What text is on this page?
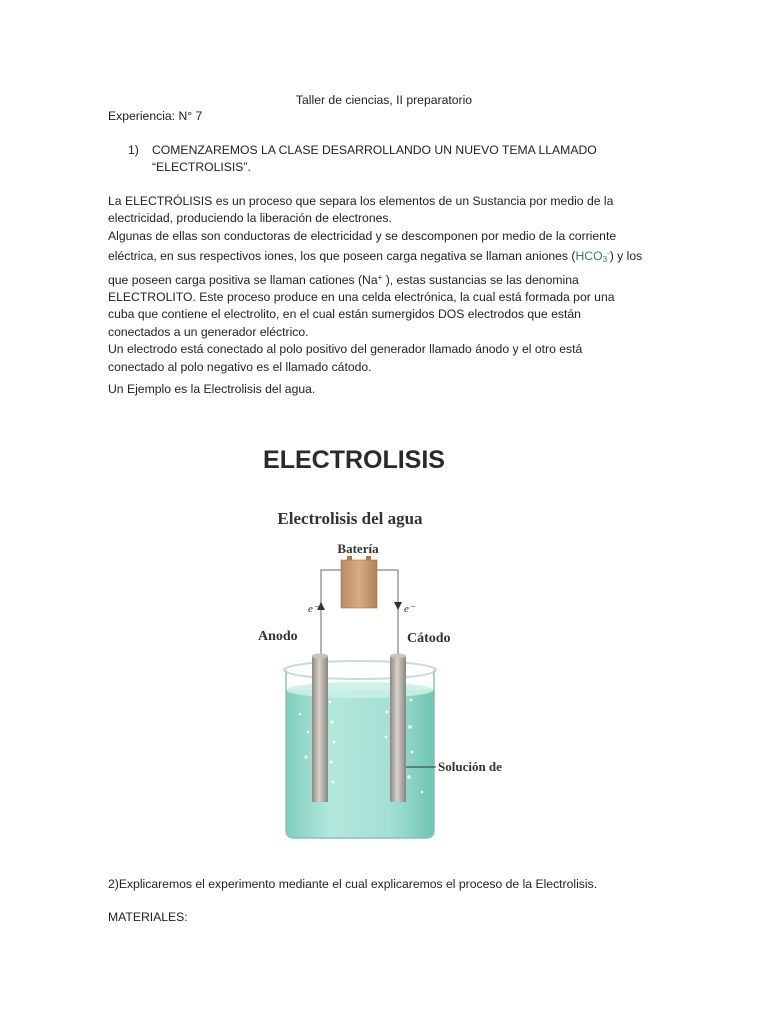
Taller de ciencias, II preparatorio
Experiencia: N° 7
1) COMENZAREMOS LA CLASE DESARROLLANDO UN NUEVO TEMA LLAMADO
“ELECTROLISIS”.
La ELECTRÓLISIS es un proceso que separa los elementos de un Sustancia por medio de la
electricidad, produciendo la liberación de electrones.
Algunas de ellas son conductoras de electricidad y se descomponen por medio de la corriente
eléctrica, en sus respectivos iones, los que poseen carga negativa se llaman aniones $(HCO_3^-)$ y los
que poseen carga positiva se llaman cationes (Na+ ), estas sustancias se las denomina
ELECTROLITO. Este proceso produce en una celda electrónica, la cual está formada por una
cuba que contiene el electrolito, en el cual están sumergidos DOS electrodos que están
conectados a un generador eléctrico.
Un electrodo está conectado al polo positivo del generador llamado ánodo y el otro está
conectado al polo negativo es el llamado cátodo.
Un Ejemplo es la Electrolisis del agua.
ELECTROLISIS
Electrolisis del agua
Batería
e⁻	e⁻
Anodo	Cátodo
Solución de
2)Explicaremos el experimento mediante el cual explicaremos el proceso de la Electrolisis.
MATERIALES:
